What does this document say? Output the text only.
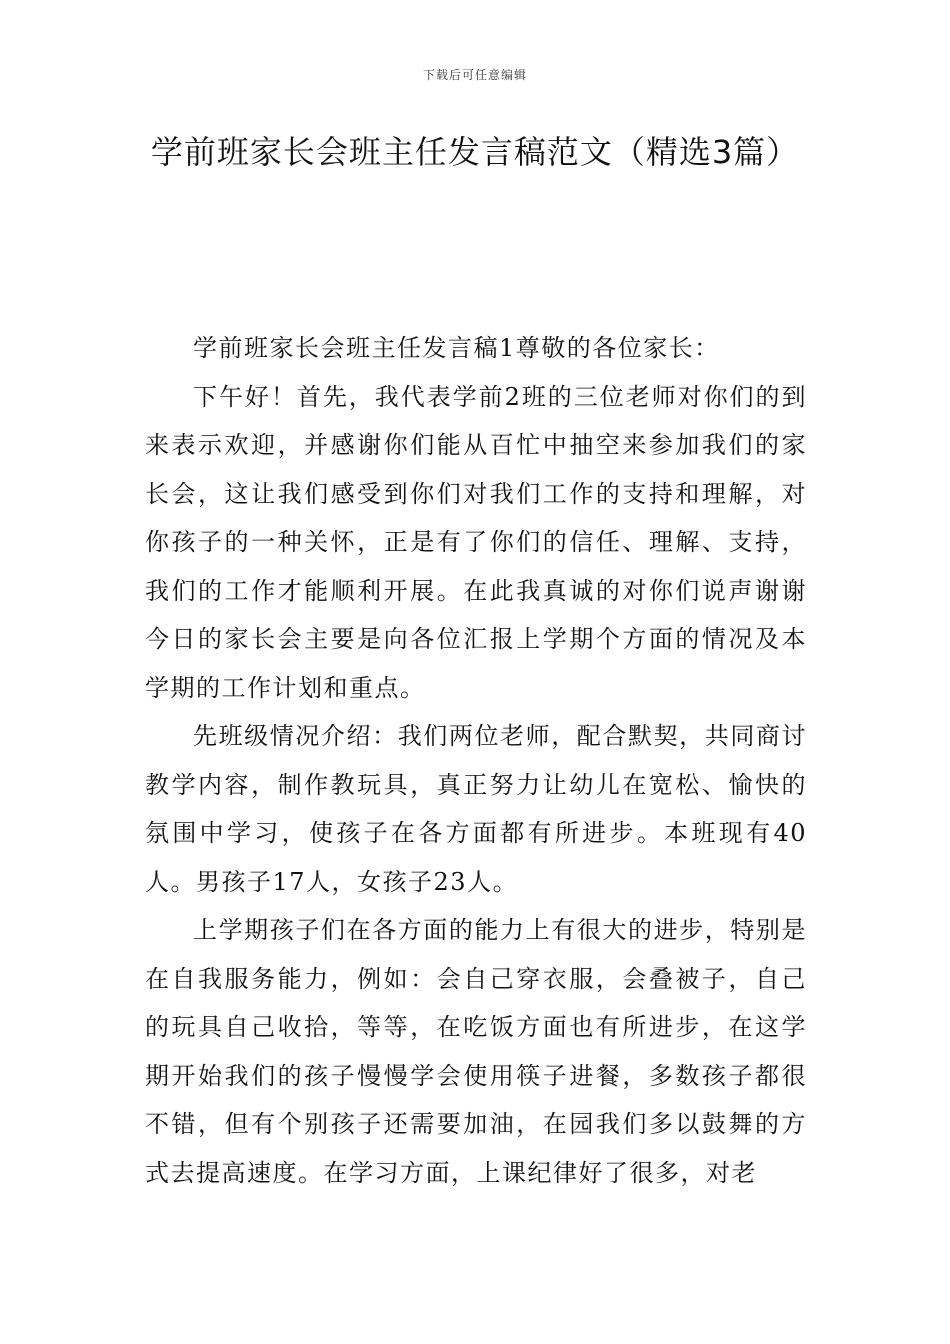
下载后可任意编辑
学前班家长会班主任发言稿范文（精选3篇）

学前班家长会班主任发言稿1尊敬的各位家长：

下午好！首先，我代表学前2班的三位老师对你们的到来表示欢迎，并感谢你们能从百忙中抽空来参加我们的家长会，这让我们感受到你们对我们工作的支持和理解，对你孩子的一种关怀，正是有了你们的信任、理解、支持，我们的工作才能顺利开展。在此我真诚的对你们说声谢谢今日的家长会主要是向各位汇报上学期个方面的情况及本学期的工作计划和重点。

先班级情况介绍：我们两位老师，配合默契，共同商讨教学内容，制作教玩具，真正努力让幼儿在宽松、愉快的氛围中学习，使孩子在各方面都有所进步。本班现有40人。男孩子17人，女孩子23人。

上学期孩子们在各方面的能力上有很大的进步，特别是在自我服务能力，例如：会自己穿衣服，会叠被子，自己的玩具自己收拾，等等，在吃饭方面也有所进步，在这学期开始我们的孩子慢慢学会使用筷子进餐，多数孩子都很不错，但有个别孩子还需要加油，在园我们多以鼓舞的方式去提高速度。在学习方面，上课纪律好了很多，对老
